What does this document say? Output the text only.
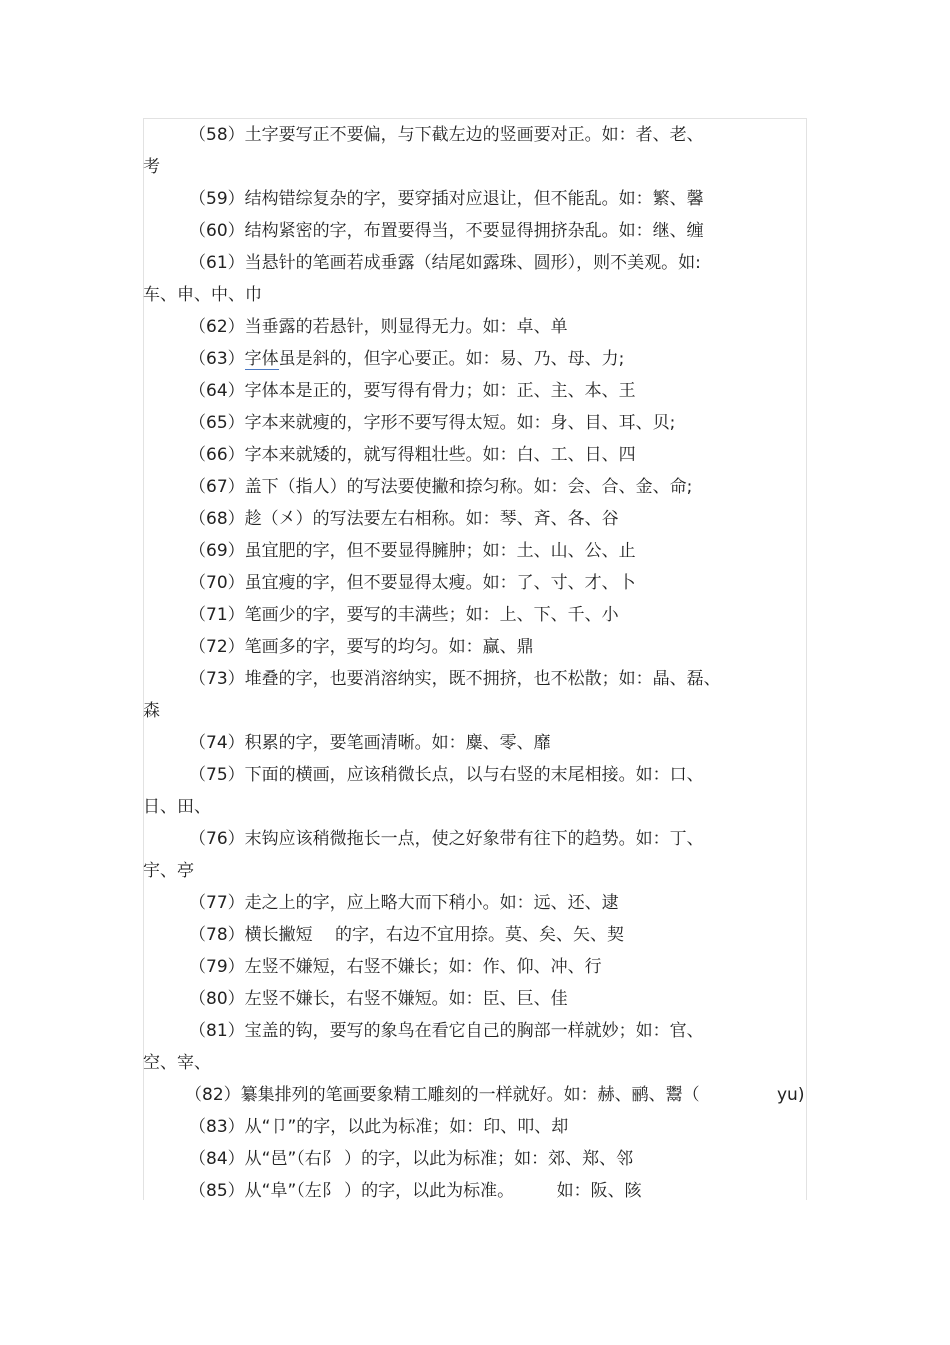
（58）土字要写正不要偏，与下截左边的竖画要对正。如：者、老、
考
（59）结构错综复杂的字，要穿插对应退让，但不能乱。如：繁、馨
（60）结构紧密的字，布置要得当，不要显得拥挤杂乱。如：继、缠
（61）当悬针的笔画若成垂露（结尾如露珠、圆形），则不美观。如:
车、申、中、巾
（62）当垂露的若悬针，则显得无力。如：卓、单
（63）字体虽是斜的，但字心要正。如：易、乃、母、力;
（64）字体本是正的，要写得有骨力；如：正、主、本、王
（65）字本来就瘦的，字形不要写得太短。如：身、目、耳、贝;
（66）字本来就矮的，就写得粗壮些。如：白、工、日、四
（67）盖下（指人）的写法要使撇和捺匀称。如：会、合、金、命;
（68）趁（㐅）的写法要左右相称。如：琴、斉、各、谷
（69）虽宜肥的字，但不要显得臃肿；如：土、山、公、止
（70）虽宜瘦的字，但不要显得太瘦。如：了、寸、才、卜
（71）笔画少的字，要写的丰满些；如：上、下、千、小
（72）笔画多的字，要写的均匀。如：赢、鼎
（73）堆叠的字，也要消溶纳实，既不拥挤，也不松散；如：晶、磊、
森
（74）积累的字，要笔画清晰。如：麋、零、靡
（75）下面的横画，应该稍微长点，以与右竖的末尾相接。如：口、
日、田、
（76）末钩应该稍微拖长一点，使之好象带有往下的趋势。如：丁、
宇、亭
（77）走之上的字，应上略大而下稍小。如：远、还、逮
（78）横长撇短　 的字，右边不宜用捺。莫、矣、矢、契
（79）左竖不嫌短，右竖不嫌长；如：作、仰、冲、行
（80）左竖不嫌长，右竖不嫌短。如：臣、巨、佳
（81）宝盖的钩，要写的象鸟在看它自己的胸部一样就妙；如：官、
空、宰、
（82）纂集排列的笔画要象精工雕刻的一样就好。如：赫、鹂、鬻（	yu)
（83）从“卩”的字，以此为标准；如：印、叩、却
（84）从“邑”（右阝 ）的字，以此为标准；如：郊、郑、邻
（85）从“阜”（左阝 ）的字，以此为标准。　　　如：阪、陔
